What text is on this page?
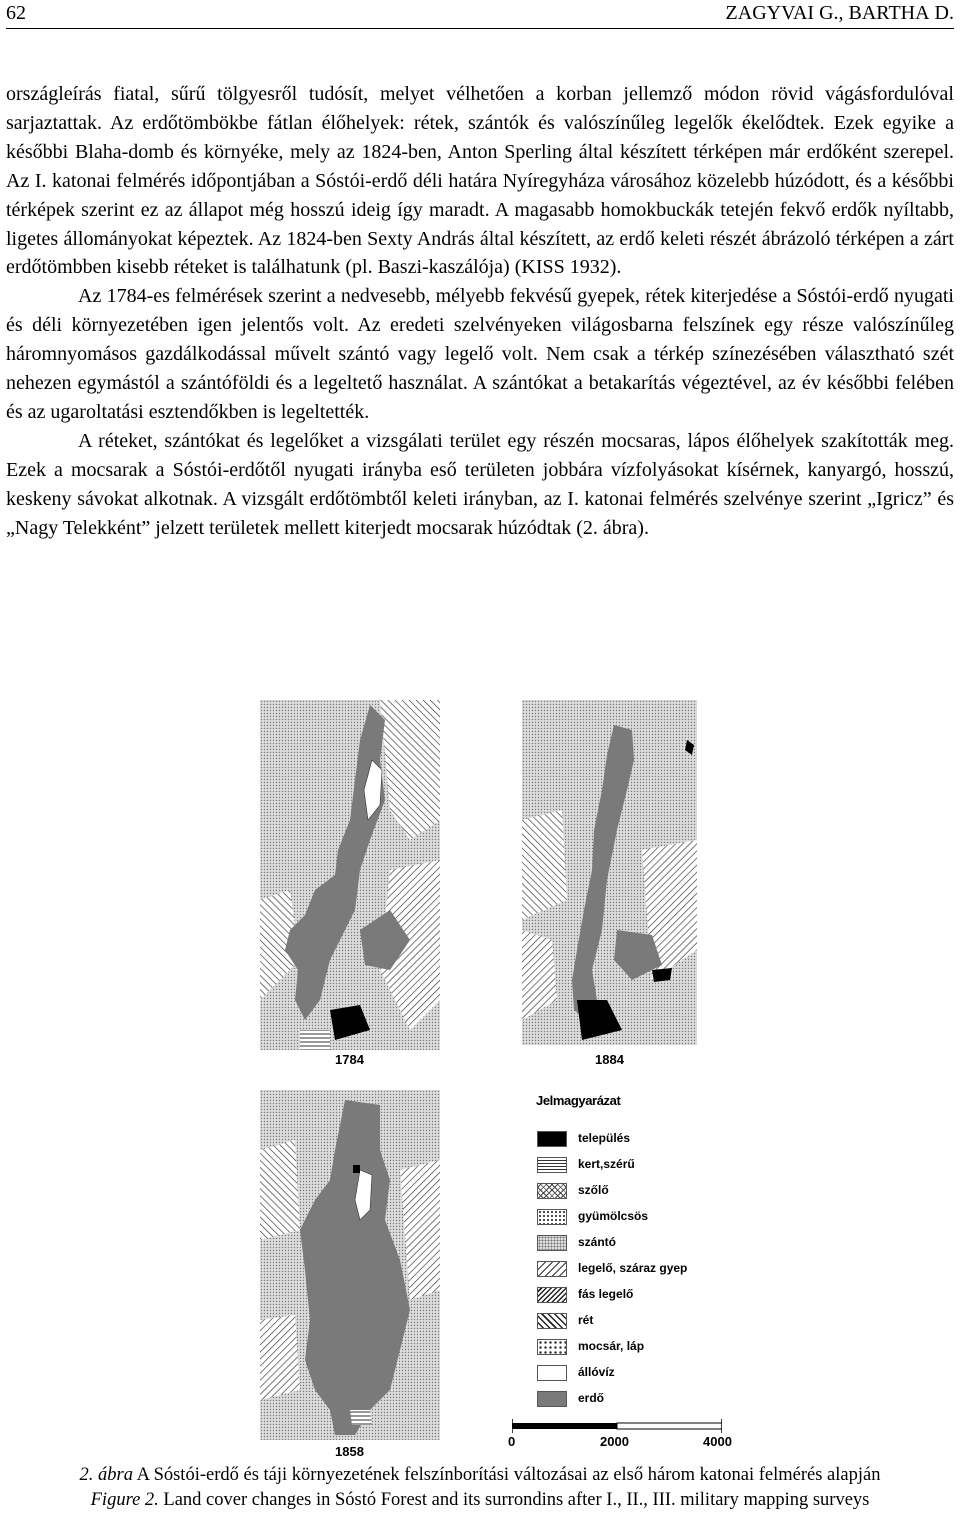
62	ZAGYVAI G., BARTHA D.

országleírás fiatal, sűrű tölgyesről tudósít, melyet vélhetően a korban jellemző módon rövid vágásfordulóval sarjaztattak. Az erdőtömbökbe fátlan élőhelyek: rétek, szántók és valószínűleg legelők ékelődtek. Ezek egyike a későbbi Blaha-domb és környéke, mely az 1824-ben, Anton Sperling által készített térképen már erdőként szerepel. Az I. katonai felmérés időpontjában a Sóstói-erdő déli határa Nyíregyháza városához közelebb húzódott, és a későbbi térképek szerint ez az állapot még hosszú ideig így maradt. A magasabb homokbuckák tetején fekvő erdők nyíltabb, ligetes állományokat képeztek. Az 1824-ben Sexty András által készített, az erdő keleti részét ábrázoló térképen a zárt erdőtömbben kisebb réteket is találhatunk (pl. Baszi-kaszálója) (KISS 1932).

Az 1784-es felmérések szerint a nedvesebb, mélyebb fekvésű gyepek, rétek kiterjedése a Sóstói-erdő nyugati és déli környezetében igen jelentős volt. Az eredeti szelvényeken világosbarna felszínek egy része valószínűleg háromnyomásos gazdálkodással művelt szántó vagy legelő volt. Nem csak a térkép színezésében választható szét nehezen egymástól a szántóföldi és a legeltető használat. A szántókat a betakarítás végeztével, az év későbbi felében és az ugaroltatási esztendőkben is legeltették.

A réteket, szántókat és legelőket a vizsgálati terület egy részén mocsaras, lápos élőhelyek szakították meg. Ezek a mocsarak a Sóstói-erdőtől nyugati irányba eső területen jobbára vízfolyásokat kísérnek, kanyargó, hosszú, keskeny sávokat alkotnak. A vizsgált erdőtömbtől keleti irányban, az I. katonai felmérés szelvénye szerint „Igricz” és „Nagy Telekként” jelzett területek mellett kiterjedt mocsarak húzódtak (2. ábra).

1784	1884
1858
Jelmagyarázat
település
kert,szérű
szőlő
gyümölcsös
szántó
legelő, száraz gyep
fás legelő
rét
mocsár, láp
állóvíz
erdő
0	2000	4000
2. ábra A Sóstói-erdő és táji környezetének felszínborítási változásai az első három katonai felmérés alapján
Figure 2. Land cover changes in Sóstó Forest and its surrondins after I., II., III. military mapping surveys
